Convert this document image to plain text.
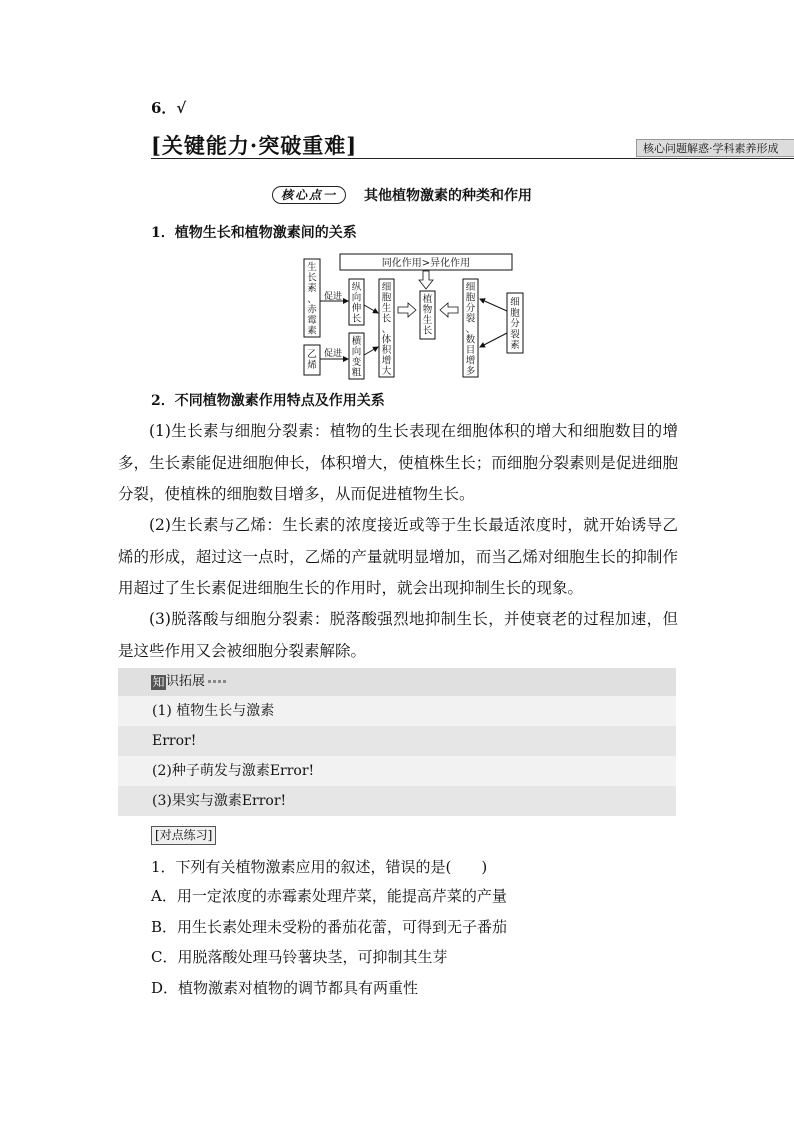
6．√
[关键能力·突破重难]	核心问题解惑·学科素养形成
核心点一	其他植物激素的种类和作用
1．植物生长和植物激素间的关系
同化作用>异化作用
生
长
素
、
赤
霉
素
乙
烯
促进
促进
纵
向
伸
长
横
向
变
粗
细
胞
生
长
、
体
积
增
大
植
物
生
长
细
胞
分
裂
、
数
目
增
多
细
胞
分
裂
素
2．不同植物激素作用特点及作用关系
(1)生长素与细胞分裂素：植物的生长表现在细胞体积的增大和细胞数目的增多，生长素能促进细胞伸长，体积增大，使植株生长；而细胞分裂素则是促进细胞分裂，使植株的细胞数目增多，从而促进植物生长。
(2)生长素与乙烯：生长素的浓度接近或等于生长最适浓度时，就开始诱导乙烯的形成，超过这一点时，乙烯的产量就明显增加，而当乙烯对细胞生长的抑制作用超过了生长素促进细胞生长的作用时，就会出现抑制生长的现象。
(3)脱落酸与细胞分裂素：脱落酸强烈地抑制生长，并使衰老的过程加速，但是这些作用又会被细胞分裂素解除。
知 识拓展
(1) 植物生长与激素
Error!
(2)种子萌发与激素Error!
(3)果实与激素Error!
[对点练习]
1．下列有关植物激素应用的叙述，错误的是(　　)
A．用一定浓度的赤霉素处理芹菜，能提高芹菜的产量
B．用生长素处理未受粉的番茄花蕾，可得到无子番茄
C．用脱落酸处理马铃薯块茎，可抑制其生芽
D．植物激素对植物的调节都具有两重性
